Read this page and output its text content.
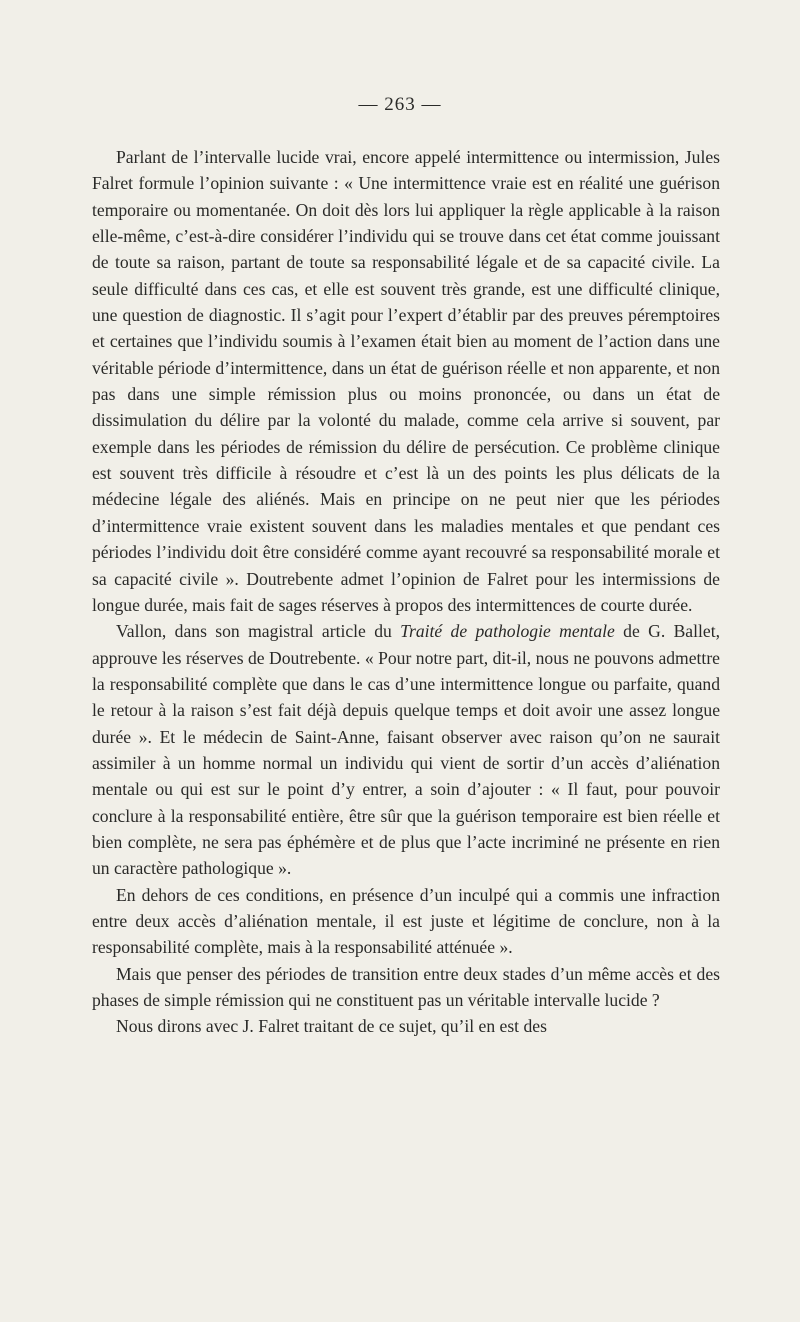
— 263 —

Parlant de l’intervalle lucide vrai, encore appelé intermittence ou intermission, Jules Falret formule l’opinion suivante : « Une intermittence vraie est en réalité une guérison temporaire ou momentanée. On doit dès lors lui appliquer la règle applicable à la raison elle-même, c’est-à-dire considérer l’individu qui se trouve dans cet état comme jouissant de toute sa raison, partant de toute sa responsabilité légale et de sa capacité civile. La seule difficulté dans ces cas, et elle est souvent très grande, est une difficulté clinique, une question de diagnostic. Il s’agit pour l’expert d’établir par des preuves péremptoires et certaines que l’individu soumis à l’examen était bien au moment de l’action dans une véritable période d’intermittence, dans un état de guérison réelle et non apparente, et non pas dans une simple rémission plus ou moins prononcée, ou dans un état de dissimulation du délire par la volonté du malade, comme cela arrive si souvent, par exemple dans les périodes de rémission du délire de persécution. Ce problème clinique est souvent très difficile à résoudre et c’est là un des points les plus délicats de la médecine légale des aliénés. Mais en principe on ne peut nier que les périodes d’intermittence vraie existent souvent dans les maladies mentales et que pendant ces périodes l’individu doit être considéré comme ayant recouvré sa responsabilité morale et sa capacité civile ». Doutrebente admet l’opinion de Falret pour les intermissions de longue durée, mais fait de sages réserves à propos des intermittences de courte durée.

Vallon, dans son magistral article du Traité de pathologie mentale de G. Ballet, approuve les réserves de Doutrebente. « Pour notre part, dit-il, nous ne pouvons admettre la responsabilité complète que dans le cas d’une intermittence longue ou parfaite, quand le retour à la raison s’est fait déjà depuis quelque temps et doit avoir une assez longue durée ». Et le médecin de Saint-Anne, faisant observer avec raison qu’on ne saurait assimiler à un homme normal un individu qui vient de sortir d’un accès d’aliénation mentale ou qui est sur le point d’y entrer, a soin d’ajouter : « Il faut, pour pouvoir conclure à la responsabilité entière, être sûr que la guérison temporaire est bien réelle et bien complète, ne sera pas éphémère et de plus que l’acte incriminé ne présente en rien un caractère pathologique ».

En dehors de ces conditions, en présence d’un inculpé qui a commis une infraction entre deux accès d’aliénation mentale, il est juste et légitime de conclure, non à la responsabilité complète, mais à la responsabilité atténuée ».

Mais que penser des périodes de transition entre deux stades d’un même accès et des phases de simple rémission qui ne constituent pas un véritable intervalle lucide ?

Nous dirons avec J. Falret traitant de ce sujet, qu’il en est des
